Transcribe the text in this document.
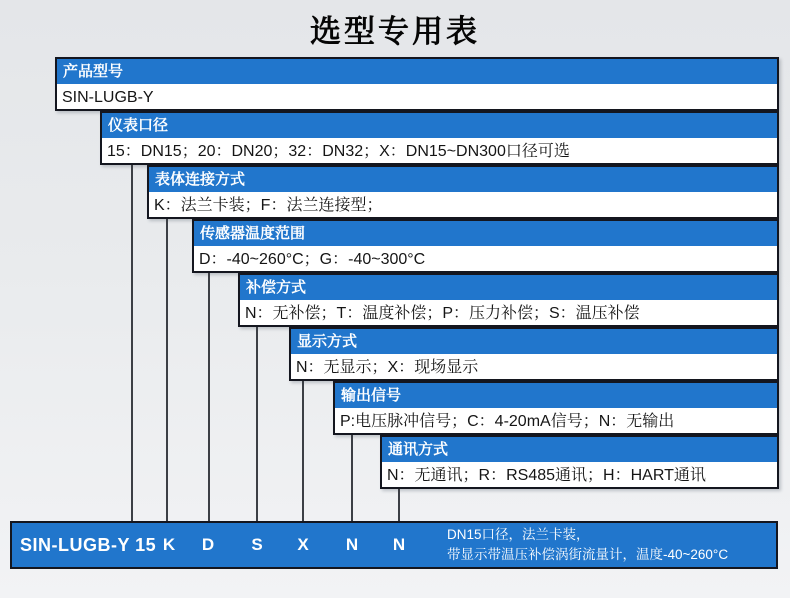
选型专用表
产品型号
SIN-LUGB-Y
仪表口径
15：DN15；20：DN20；32：DN32；X：DN15~DN300口径可选
表体连接方式
K：法兰卡装；F：法兰连接型；
传感器温度范围
D：-40~260°C；G：-40~300°C
补偿方式
N：无补偿；T：温度补偿；P：压力补偿；S：温压补偿
显示方式
N：无显示；X：现场显示
输出信号
P:电压脉冲信号；C：4-20mA信号；N：无输出
通讯方式
N：无通讯；R：RS485通讯；H：HART通讯
SIN-LUGB-Y 15 K D S X N N
DN15口径，法兰卡装，
带显示带温压补偿涡街流量计，温度-40~260°C
